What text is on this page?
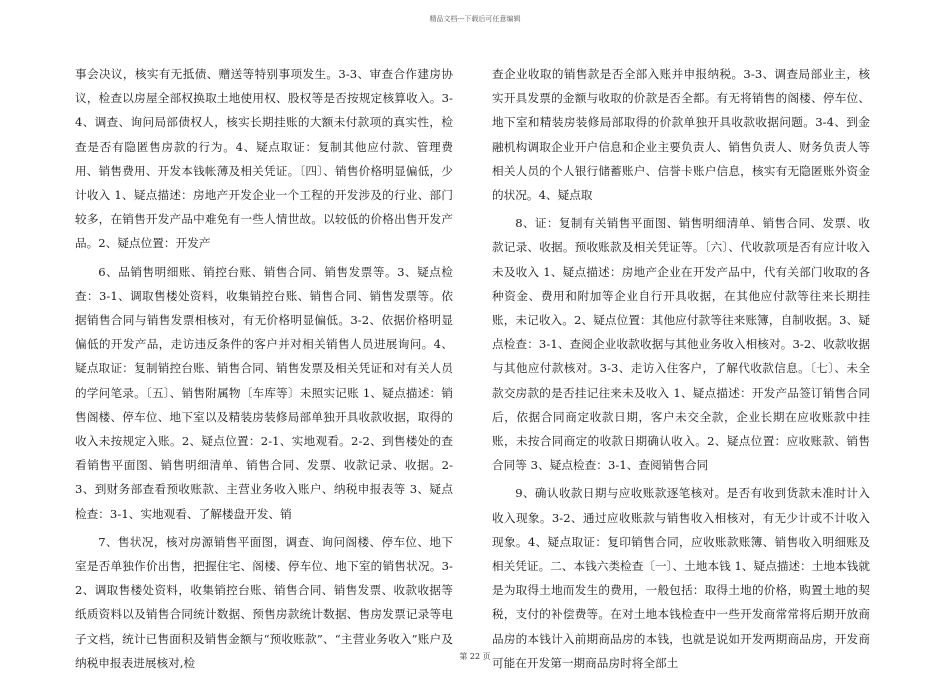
精品文档---下载后可任意编辑

事会决议，核实有无抵债、赠送等特别事项发生。3-3、审查合作建房协议，检查以房屋全部权换取土地使用权、股权等是否按规定核算收入。3-4、调查、询问局部债权人，核实长期挂账的大额未付款项的真实性，检查是否有隐匿售房款的行为。4、疑点取证：复制其他应付款、管理费用、销售费用、开发本钱帐薄及相关凭证。〔四〕、销售价格明显偏低，少计收入 1、疑点描述：房地产开发企业一个工程的开发涉及的行业、部门较多，在销售开发产品中难免有一些人情世故。以较低的价格出售开发产品。2、疑点位置：开发产

6、品销售明细账、销控台账、销售合同、销售发票等。3、疑点检查：3-1、调取售楼处资料，收集销控台账、销售合同、销售发票等。依据销售合同与销售发票相核对，有无价格明显偏低。3-2、依据价格明显偏低的开发产品，走访违反条件的客户并对相关销售人员进展询问。4、疑点取证：复制销控台账、销售合同、销售发票及相关凭证和对有关人员的学问笔录。〔五〕、销售附属物〔车库等〕未照实记账 1、疑点描述：销售阁楼、停车位、地下室以及精装房装修局部单独开具收款收据，取得的收入未按规定入账。2、疑点位置：2-1、实地观看。2-2、到售楼处的查看销售平面图、销售明细清单、销售合同、发票、收款记录、收据。2-3、到财务部查看预收账款、主营业务收入账户、纳税申报表等 3、疑点检查：3-1、实地观看、了解楼盘开发、销

7、售状况，核对房源销售平面图，调查、询问阁楼、停车位、地下室是否单独作价出售，把握住宅、阁楼、停车位、地下室的销售状况。3-2、调取售楼处资料，收集销控台账、销售合同、销售发票、收款收据等纸质资料以及销售合同统计数据、预售房款统计数据、售房发票记录等电子文档，统计已售面积及销售金额与“预收账款”、“主营业务收入”账户及纳税申报表进展核对,检

查企业收取的销售款是否全部入账并申报纳税。3-3、调查局部业主，核实开具发票的金额与收取的价款是否全都。有无将销售的阁楼、停车位、地下室和精装房装修局部取得的价款单独开具收款收据问题。3-4、到金融机构调取企业开户信息和企业主要负责人、销售负责人、财务负责人等相关人员的个人银行储蓄账户、信誉卡账户信息，核实有无隐匿账外资金的状况。4、疑点取

8、证：复制有关销售平面图、销售明细清单、销售合同、发票、收款记录、收据。预收账款及相关凭证等。〔六〕、代收款项是否有应计收入未及收入 1、疑点描述：房地产企业在开发产品中，代有关部门收取的各种资金、费用和附加等企业自行开具收据，在其他应付款等往来长期挂账，未记收入。2、疑点位置：其他应付款等往来账簿，自制收据。3、疑点检查：3-1、查阅企业收款收据与其他业务收入相核对。3-2、收款收据与其他应付款核对。3-3、走访入住客户，了解代收款信息。〔七〕、未全款交房款的是否挂记往来未及收入 1、疑点描述：开发产品签订销售合同后，依据合同商定收款日期，客户未交全款，企业长期在应收账款中挂账，未按合同商定的收款日期确认收入。2、疑点位置：应收账款、销售合同等 3、疑点检查：3-1、查阅销售合同

9、确认收款日期与应收账款逐笔核对。是否有收到货款未准时计入收入现象。3-2、通过应收账款与销售收入相核对，有无少计或不计收入现象。4、疑点取证：复印销售合同，应收账款账簿、销售收入明细账及相关凭证。二、本钱六类检查〔一〕、土地本钱 1、疑点描述：土地本钱就是为取得土地而发生的费用，一般包括：取得土地的价格，购置土地的契税，支付的补偿费等。在对土地本钱检查中一些开发商常常将后期开放商品房的本钱计入前期商品房的本钱，也就是说如开发两期商品房，开发商可能在开发第一期商品房时将全部土

第 22 页
